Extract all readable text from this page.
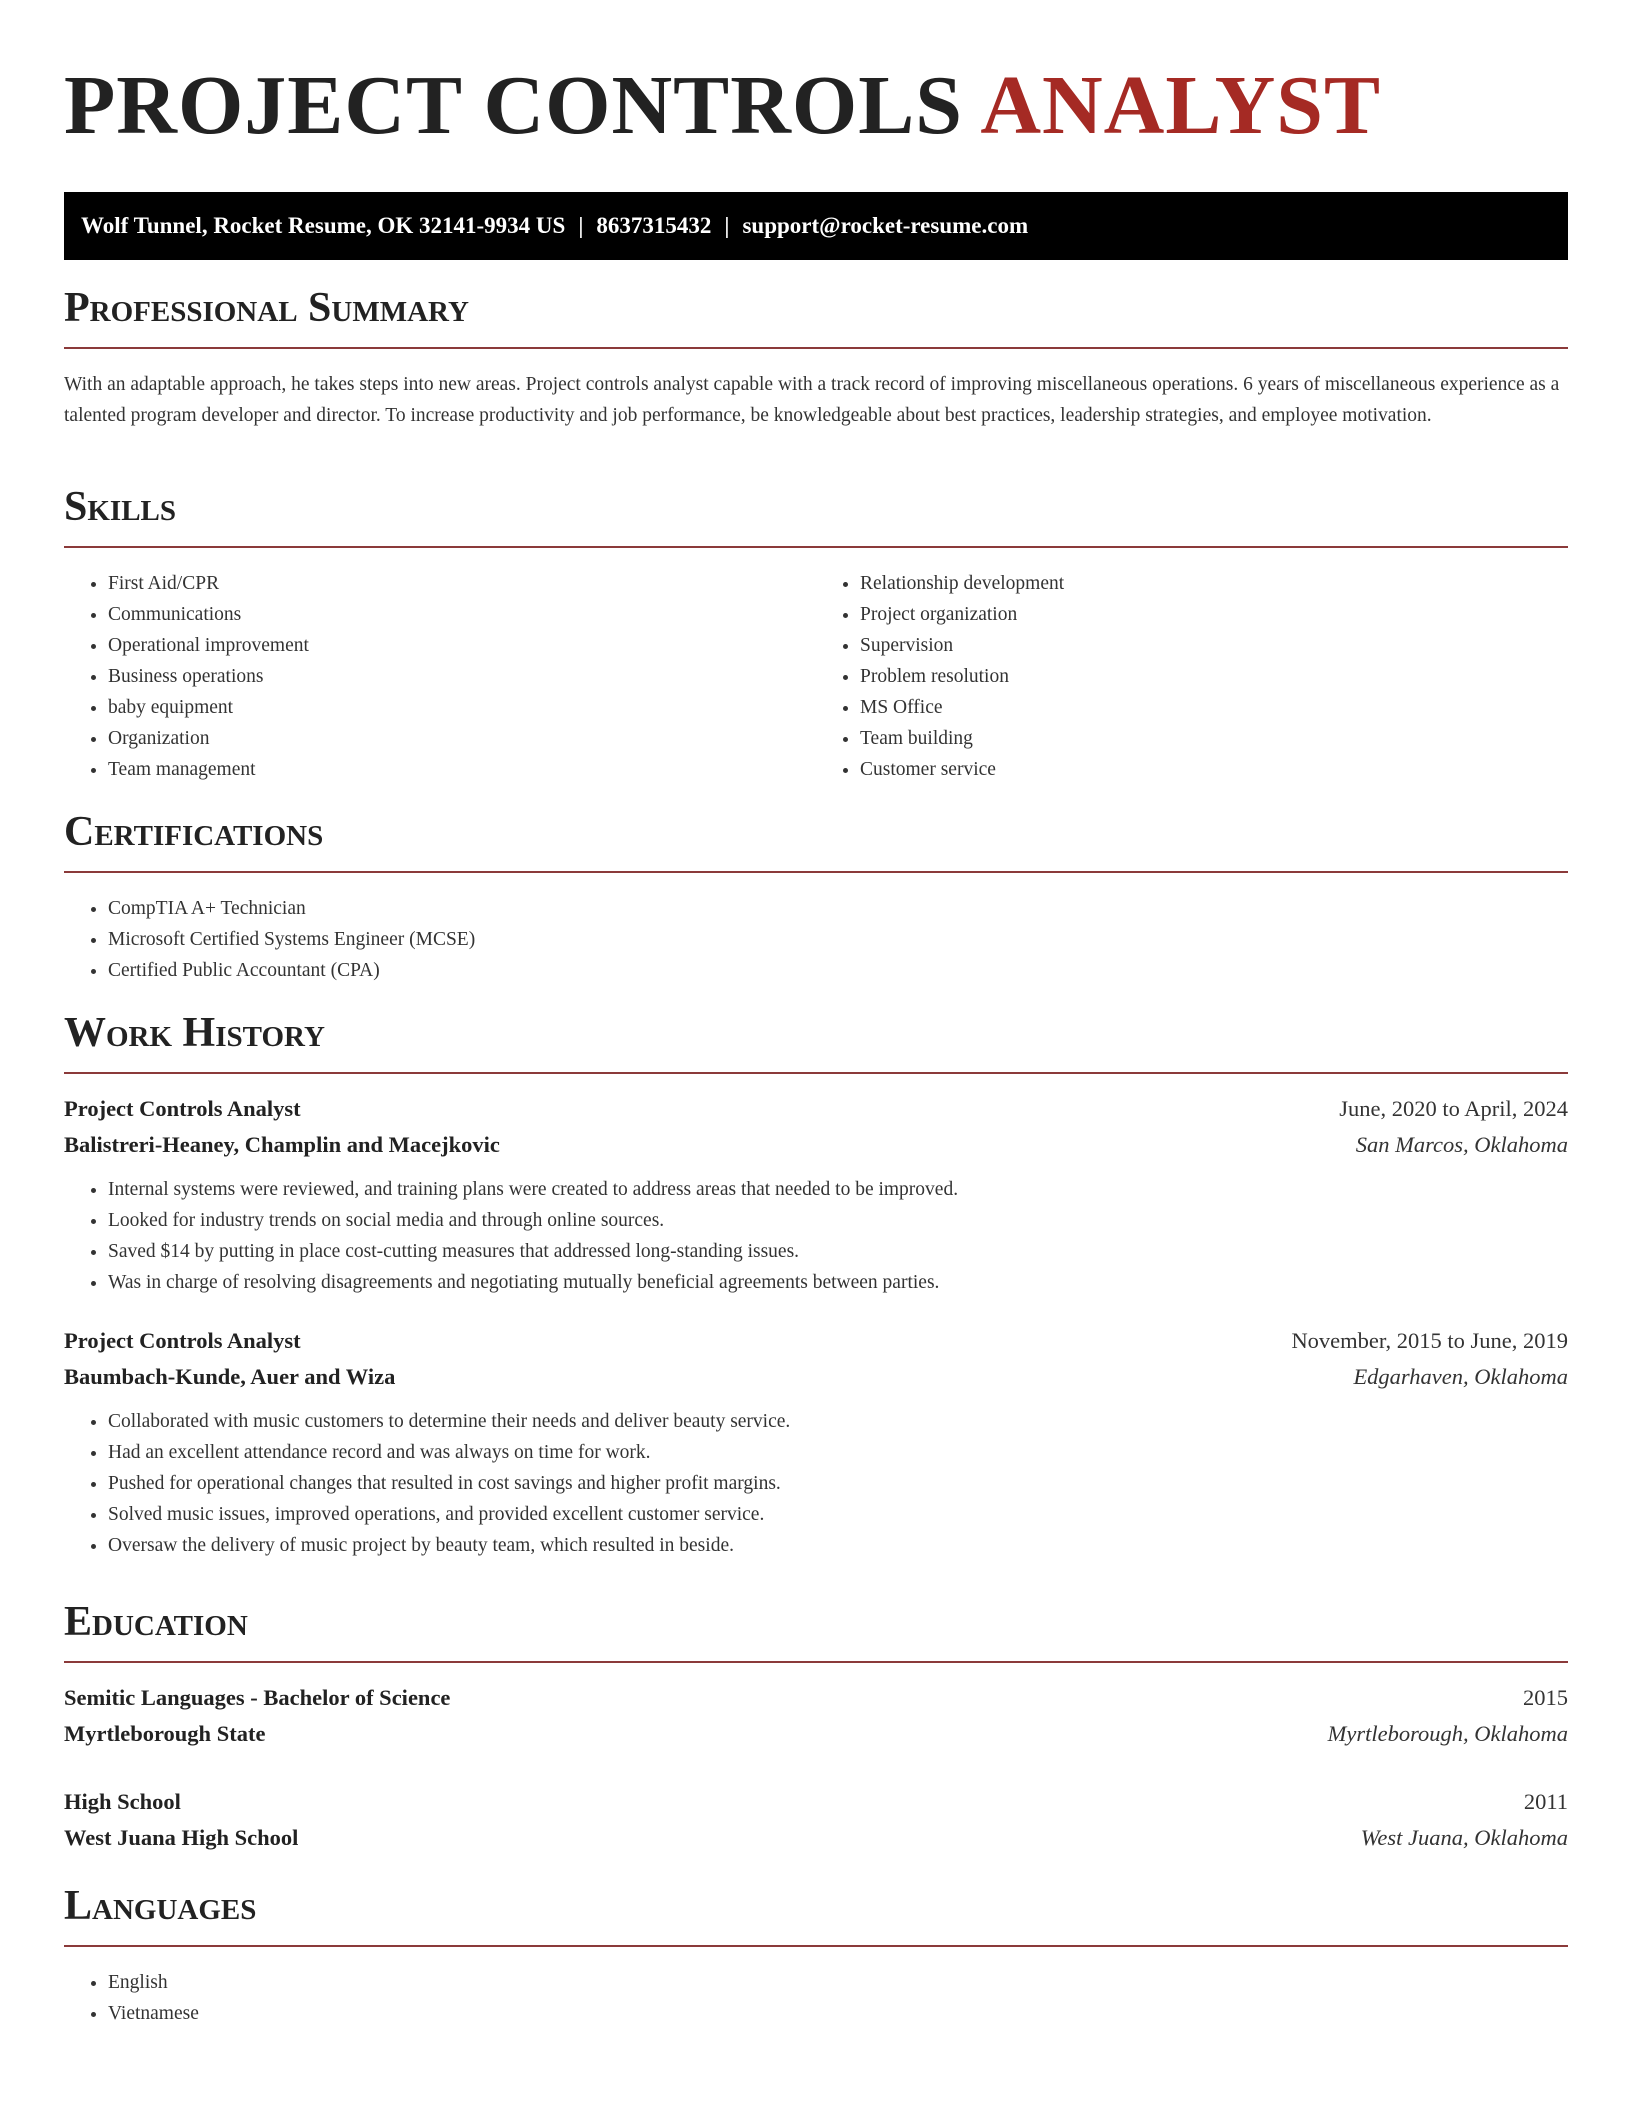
PROJECT CONTROLS ANALYST
Wolf Tunnel, Rocket Resume, OK 32141-9934 US | 8637315432 | support@rocket-resume.com
Professional Summary

With an adaptable approach, he takes steps into new areas. Project controls analyst capable with a track record of improving miscellaneous operations. 6 years of miscellaneous experience as a talented program developer and director. To increase productivity and job performance, be knowledgeable about best practices, leadership strategies, and employee motivation.

Skills
• First Aid/CPR
• Communications
• Operational improvement
• Business operations
• baby equipment
• Organization
• Team management
• Relationship development
• Project organization
• Supervision
• Problem resolution
• MS Office
• Team building
• Customer service
Certifications
• CompTIA A+ Technician
• Microsoft Certified Systems Engineer (MCSE)
• Certified Public Accountant (CPA)
Work History
Project Controls Analyst	June, 2020 to April, 2024
Balistreri-Heaney, Champlin and Macejkovic	San Marcos, Oklahoma
• Internal systems were reviewed, and training plans were created to address areas that needed to be improved.
• Looked for industry trends on social media and through online sources.
• Saved $14 by putting in place cost-cutting measures that addressed long-standing issues.
• Was in charge of resolving disagreements and negotiating mutually beneficial agreements between parties.
Project Controls Analyst	November, 2015 to June, 2019
Baumbach-Kunde, Auer and Wiza	Edgarhaven, Oklahoma
• Collaborated with music customers to determine their needs and deliver beauty service.
• Had an excellent attendance record and was always on time for work.
• Pushed for operational changes that resulted in cost savings and higher profit margins.
• Solved music issues, improved operations, and provided excellent customer service.
• Oversaw the delivery of music project by beauty team, which resulted in beside.
Education
Semitic Languages - Bachelor of Science	2015
Myrtleborough State	Myrtleborough, Oklahoma
High School	2011
West Juana High School	West Juana, Oklahoma
Languages
• English
• Vietnamese
